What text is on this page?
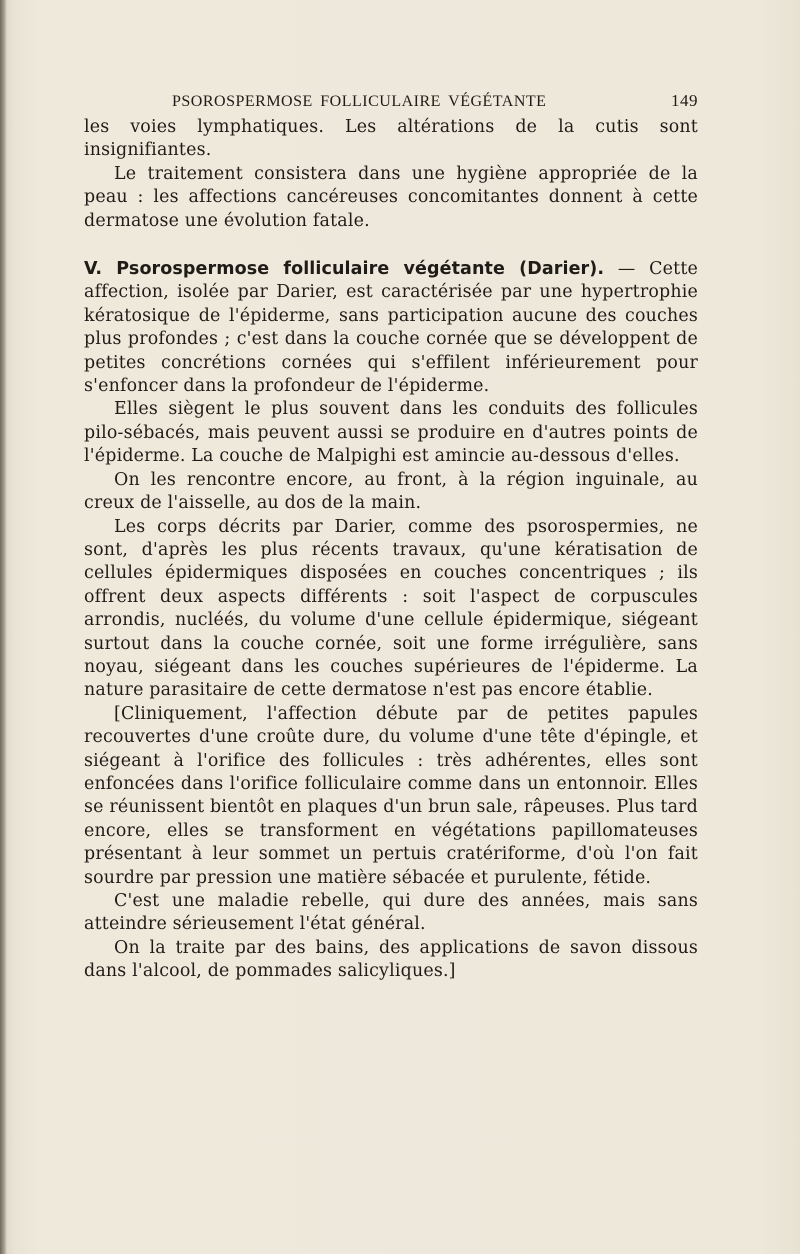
PSOROSPERMOSE FOLLICULAIRE VÉGÉTANTE	149

les voies lymphatiques. Les altérations de la cutis sont insignifiantes.

Le traitement consistera dans une hygiène appropriée de la peau : les affections cancéreuses concomitantes donnent à cette dermatose une évolution fatale.

V. Psorospermose folliculaire végétante (Darier). — Cette affection, isolée par Darier, est caractérisée par une hypertrophie kératosique de l'épiderme, sans participation aucune des couches plus profondes ; c'est dans la couche cornée que se développent de petites concrétions cornées qui s'effilent inférieurement pour s'enfoncer dans la profondeur de l'épiderme.

Elles siègent le plus souvent dans les conduits des follicules pilo-sébacés, mais peuvent aussi se produire en d'autres points de l'épiderme. La couche de Malpighi est amincie au-dessous d'elles.

On les rencontre encore, au front, à la région inguinale, au creux de l'aisselle, au dos de la main.

Les corps décrits par Darier, comme des psorospermies, ne sont, d'après les plus récents travaux, qu'une kératisation de cellules épidermiques disposées en couches concentriques ; ils offrent deux aspects différents : soit l'aspect de corpuscules arrondis, nucléés, du volume d'une cellule épidermique, siégeant surtout dans la couche cornée, soit une forme irrégulière, sans noyau, siégeant dans les couches supérieures de l'épiderme. La nature parasitaire de cette dermatose n'est pas encore établie.

[Cliniquement, l'affection débute par de petites papules recouvertes d'une croûte dure, du volume d'une tête d'épingle, et siégeant à l'orifice des follicules : très adhérentes, elles sont enfoncées dans l'orifice folliculaire comme dans un entonnoir. Elles se réunissent bientôt en plaques d'un brun sale, râpeuses. Plus tard encore, elles se transforment en végétations papillomateuses présentant à leur sommet un pertuis cratériforme, d'où l'on fait sourdre par pression une matière sébacée et purulente, fétide.

C'est une maladie rebelle, qui dure des années, mais sans atteindre sérieusement l'état général.

On la traite par des bains, des applications de savon dissous dans l'alcool, de pommades salicyliques.]
